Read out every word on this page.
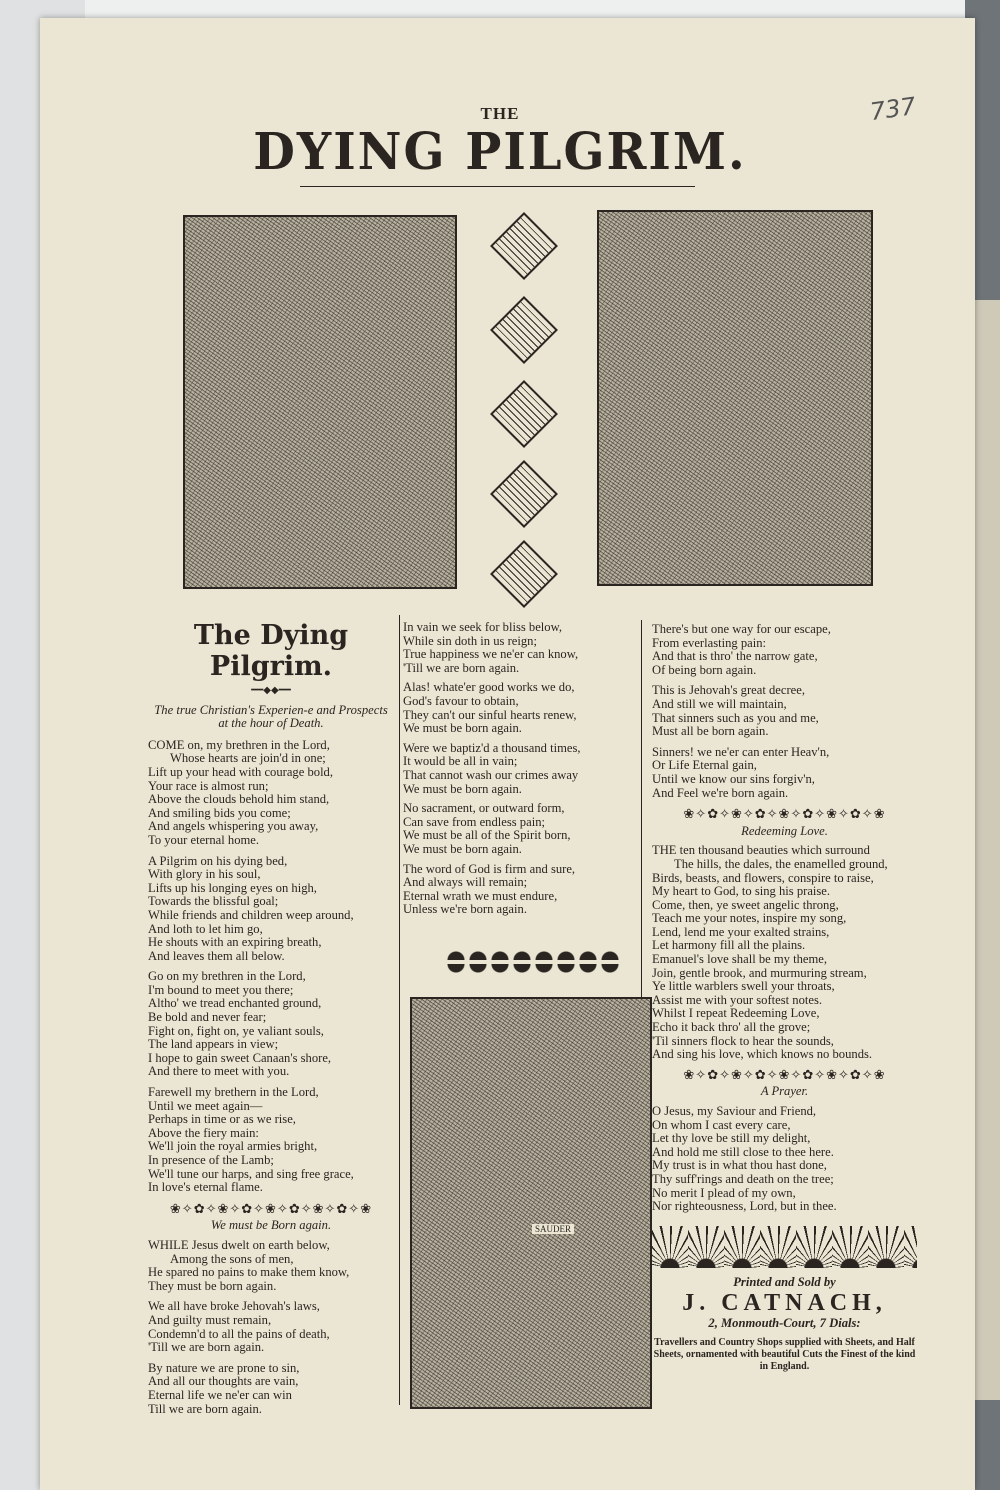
THE
DYING PILGRIM.
737
The Dying Pilgrim.
━━◆◆━━
The true Christian's Experien-e and Prospects at the hour of Death.

COME on, my brethren in the Lord,
Whose hearts are join'd in one;
Lift up your head with courage bold,
Your race is almost run;
Above the clouds behold him stand,
And smiling bids you come;
And angels whispering you away,
To your eternal home.

A Pilgrim on his dying bed,
With glory in his soul,
Lifts up his longing eyes on high,
Towards the blissful goal;
While friends and children weep around,
And loth to let him go,
He shouts with an expiring breath,
And leaves them all below.

Go on my brethren in the Lord,
I'm bound to meet you there;
Altho' we tread enchanted ground,
Be bold and never fear;
Fight on, fight on, ye valiant souls,
The land appears in view;
I hope to gain sweet Canaan's shore,
And there to meet with you.

Farewell my brethern in the Lord,
Until we meet again—
Perhaps in time or as we rise,
Above the fiery main:
We'll join the royal armies bright,
In presence of the Lamb;
We'll tune our harps, and sing free grace,
In love's eternal flame.

❀✧✿✧❀✧✿✧❀✧✿✧❀✧✿✧❀
We must be Born again.

WHILE Jesus dwelt on earth below,
Among the sons of men,
He spared no pains to make them know,
They must be born again.

We all have broke Jehovah's laws,
And guilty must remain,
Condemn'd to all the pains of death,
'Till we are born again.

By nature we are prone to sin,
And all our thoughts are vain,
Eternal life we ne'er can win
Till we are born again.

In vain we seek for bliss below,
While sin doth in us reign;
True happiness we ne'er can know,
'Till we are born again.

Alas! whate'er good works we do,
God's favour to obtain,
They can't our sinful hearts renew,
We must be born again.

Were we baptiz'd a thousand times,
It would be all in vain;
That cannot wash our crimes away
We must be born again.

No sacrament, or outward form,
Can save from endless pain;
We must be all of the Spirit born,
We must be born again.

The word of God is firm and sure,
And always will remain;
Eternal wrath we must endure,
Unless we're born again.

SAUDER

There's but one way for our escape,
From everlasting pain:
And that is thro' the narrow gate,
Of being born again.

This is Jehovah's great decree,
And still we will maintain,
That sinners such as you and me,
Must all be born again.

Sinners! we ne'er can enter Heav'n,
Or Life Eternal gain,
Until we know our sins forgiv'n,
And Feel we're born again.

❀✧✿✧❀✧✿✧❀✧✿✧❀✧✿✧❀
Redeeming Love.
THE ten thousand beauties which surround
The hills, the dales, the enamelled ground,
Birds, beasts, and flowers, conspire to raise,
My heart to God, to sing his praise.
Come, then, ye sweet angelic throng,
Teach me your notes, inspire my song,
Lend, lend me your exalted strains,
Let harmony fill all the plains.
Emanuel's love shall be my theme,
Join, gentle brook, and murmuring stream,
Ye little warblers swell your throats,
Assist me with your softest notes.
Whilst I repeat Redeeming Love,
Echo it back thro' all the grove;
'Til sinners flock to hear the sounds,
And sing his love, which knows no bounds.
❀✧✿✧❀✧✿✧❀✧✿✧❀✧✿✧❀
A Prayer.
O Jesus, my Saviour and Friend,
On whom I cast every care,
Let thy love be still my delight,
And hold me still close to thee here.
My trust is in what thou hast done,
Thy suff'rings and death on the tree;
No merit I plead of my own,
Nor righteousness, Lord, but in thee.
Printed and Sold by
J. CATNACH,
2, Monmouth-Court, 7 Dials:
Travellers and Country Shops supplied with Sheets, and Half Sheets, ornamented with beautiful Cuts the Finest of the kind in England.
